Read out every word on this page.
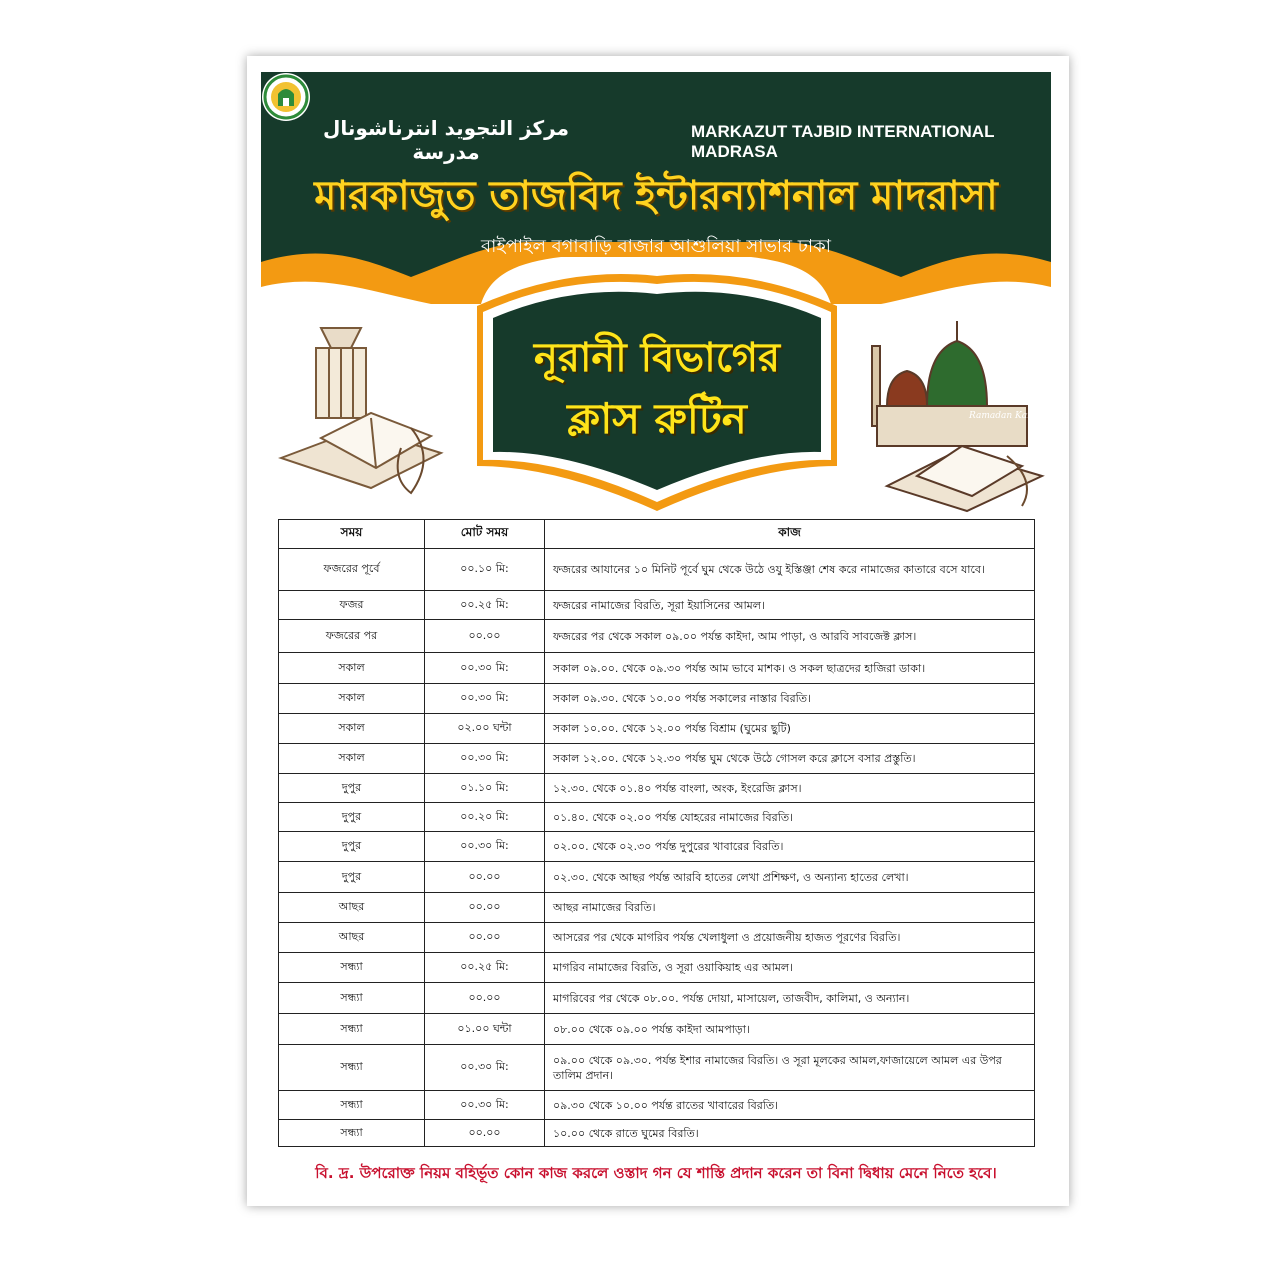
مركز التجويد انترناشونال مدرسة
MARKAZUT TAJBID INTERNATIONAL MADRASA
মারকাজুত তাজবিদ ইন্টারন্যাশনাল মাদরাসা
বাইপাইল বগাবাড়ি বাজার আশুলিয়া সাভার ঢাকা
নূরানী বিভাগের
ক্লাস রুটিন	Ramadan Kareem
সময়	মোট সময়	কাজ
ফজরের পূর্বে	০০.১০ মি:	ফজরের আযানের ১০ মিনিট পূর্বে ঘুম থেকে উঠে ওযু ইস্তিঞ্জা শেষ করে নামাজের কাতারে বসে যাবে।
ফজর	০০.২৫ মি:	ফজরের নামাজের বিরতি, সূরা ইয়াসিনের আমল।
ফজরের পর	০০.০০	ফজরের পর থেকে সকাল ০৯.০০ পর্যন্ত কাইদা, আম পাড়া, ও আরবি সাবজেক্ট ক্লাস।
সকাল	০০.৩০ মি:	সকাল ০৯.০০. থেকে ০৯.৩০ পর্যন্ত আম ভাবে মাশক। ও সকল ছাত্রদের হাজিরা ডাকা।
সকাল	০০.৩০ মি:	সকাল ০৯.৩০. থেকে ১০.০০ পর্যন্ত সকালের নাস্তার বিরতি।
সকাল	০২.০০ ঘন্টা	সকাল ১০.০০. থেকে ১২.০০ পর্যন্ত বিশ্রাম (ঘুমের ছুটি)
সকাল	০০.৩০ মি:	সকাল ১২.০০. থেকে ১২.৩০ পর্যন্ত ঘুম থেকে উঠে গোসল করে ক্লাসে বসার প্রস্তুতি।
দুপুর	০১.১০ মি:	১২.৩০. থেকে ০১.৪০ পর্যন্ত বাংলা, অংক, ইংরেজি ক্লাস।
দুপুর	০০.২০ মি:	০১.৪০. থেকে ০২.০০ পর্যন্ত যোহরের নামাজের বিরতি।
দুপুর	০০.৩০ মি:	০২.০০. থেকে ০২.৩০ পর্যন্ত দুপুরের খাবারের বিরতি।
দুপুর	০০.০০	০২.৩০. থেকে আছর পর্যন্ত আরবি হাতের লেখা প্রশিক্ষণ, ও অন্যান্য হাতের লেখা।
আছর	০০.০০	আছর নামাজের বিরতি।
আছর	০০.০০	আসরের পর থেকে মাগরিব পর্যন্ত খেলাধুলা ও প্রয়োজনীয় হাজত পূরণের বিরতি।
সন্ধ্যা	০০.২৫ মি:	মাগরিব নামাজের বিরতি, ও সূরা ওয়াকিয়াহ এর আমল।
সন্ধ্যা	০০.০০	মাগরিবের পর থেকে ০৮.০০. পর্যন্ত দোয়া, মাসায়েল, তাজবীদ, কালিমা, ও অন্যান।
সন্ধ্যা	০১.০০ ঘন্টা	০৮.০০ থেকে ০৯.০০ পর্যন্ত কাইদা আমপাড়া।
সন্ধ্যা	০০.৩০ মি:	০৯.০০ থেকে ০৯.৩০. পর্যন্ত ইশার নামাজের বিরতি। ও সূরা মূলকের আমল,ফাজায়েলে আমল এর উপর তালিম প্রদান।
সন্ধ্যা	০০.৩০ মি:	০৯.৩০ থেকে ১০.০০ পর্যন্ত রাতের খাবারের বিরতি।
সন্ধ্যা	০০.০০	১০.০০ থেকে রাতে ঘুমের বিরতি।
বি. দ্র. উপরোক্ত নিয়ম বহির্ভূত কোন কাজ করলে ওস্তাদ গন যে শাস্তি প্রদান করেন তা বিনা দ্বিধায় মেনে নিতে হবে।
